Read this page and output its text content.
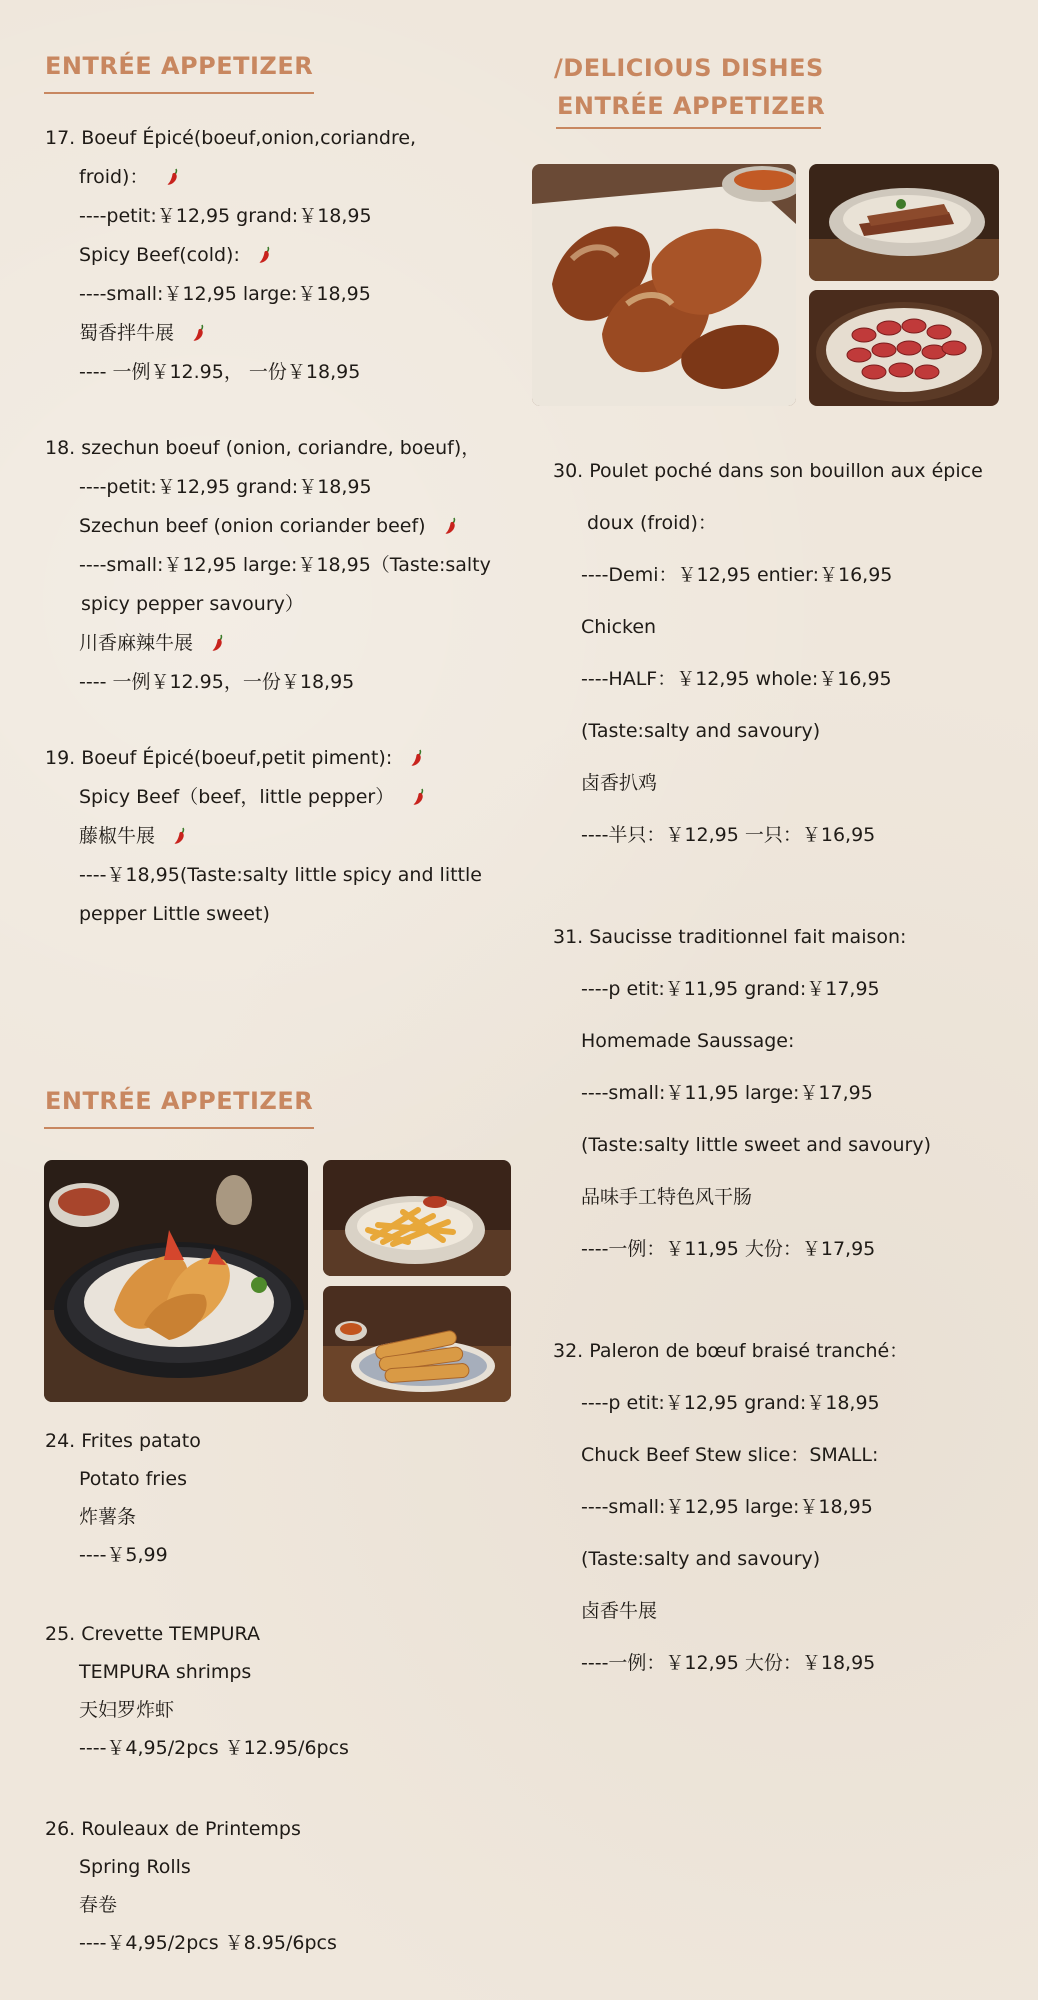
ENTRÉE APPETIZER
17. Boeuf Épicé(boeuf,onion,coriandre,
froid)：
----petit:￥12,95 grand:￥18,95
Spicy Beef(cold):
----small:￥12,95 large:￥18,95
蜀香拌牛展
---- 一例￥12.95， 一份￥18,95
18. szechun boeuf (onion, coriandre, boeuf)，
----petit:￥12,95 grand:￥18,95
Szechun beef (onion coriander beef)
----small:￥12,95 large:￥18,95（Taste:salty
spicy pepper savoury）
川香麻辣牛展
---- 一例￥12.95，一份￥18,95
19. Boeuf Épicé(boeuf,petit piment):
Spicy Beef（beef，little pepper）
藤椒牛展
----￥18,95(Taste:salty little spicy and little
pepper Little sweet)
ENTRÉE APPETIZER
24. Frites patato
Potato fries
炸薯条
----￥5,99
25. Crevette TEMPURA
TEMPURA shrimps
天妇罗炸虾
----￥4,95/2pcs ￥12.95/6pcs
26. Rouleaux de Printemps
Spring Rolls
春卷
----￥4,95/2pcs ￥8.95/6pcs
/DELICIOUS DISHES
ENTRÉE APPETIZER
30. Poulet poché dans son bouillon aux épice
doux (froid)：
----Demi：￥12,95 entier:￥16,95
Chicken
----HALF：￥12,95 whole:￥16,95
(Taste:salty and savoury)
卤香扒鸡
----半只：￥12,95 一只：￥16,95
31. Saucisse traditionnel fait maison:
----p etit:￥11,95 grand:￥17,95
Homemade Saussage:
----small:￥11,95 large:￥17,95
(Taste:salty little sweet and savoury)
品味手工特色风干肠
----一例：￥11,95 大份：￥17,95
32. Paleron de bœuf braisé tranché：
----p etit:￥12,95 grand:￥18,95
Chuck Beef Stew slice：SMALL:
----small:￥12,95 large:￥18,95
(Taste:salty and savoury)
卤香牛展
----一例：￥12,95 大份：￥18,95
